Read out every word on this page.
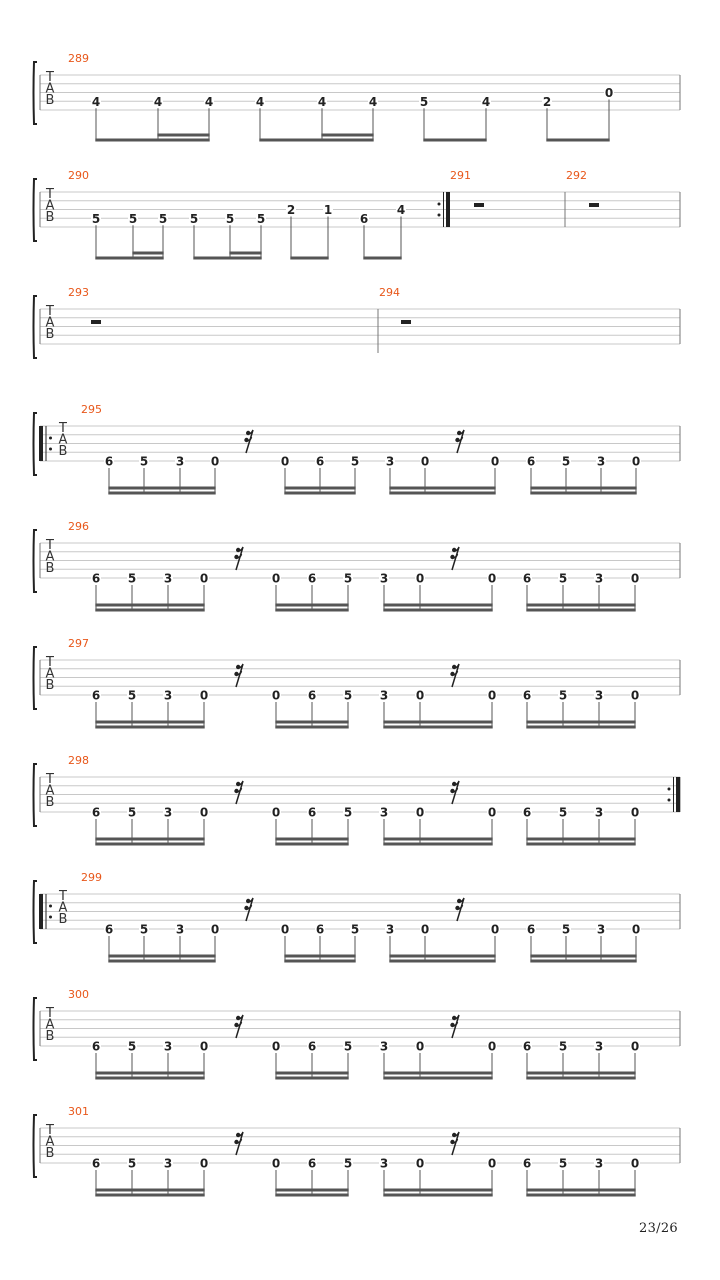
T
A
B
289
4	4	4	4	4	4	5	4	2
0
T
A
B
290
5 5 5 5 5 5
2 1
6
4
291	292
T
A
B
293	294
T
A
B
295
6 5 3 0	0 6 5 3 0	0 6 5 3 0
T
A
B
296
6 5 3 0	0 6 5 3 0	0 6 5 3 0
T
A
B
297
6 5 3 0	0 6 5 3 0	0 6 5 3 0
T
A
B
298
6 5 3 0	0 6 5 3 0	0 6 5 3 0
T
A
B
299
6 5 3 0	0 6 5 3 0	0 6 5 3 0
T
A
B
300
6 5 3 0	0 6 5 3 0	0 6 5 3 0
T
A
B
301
6 5 3 0	0 6 5 3 0	0 6 5 3 0
23/26
